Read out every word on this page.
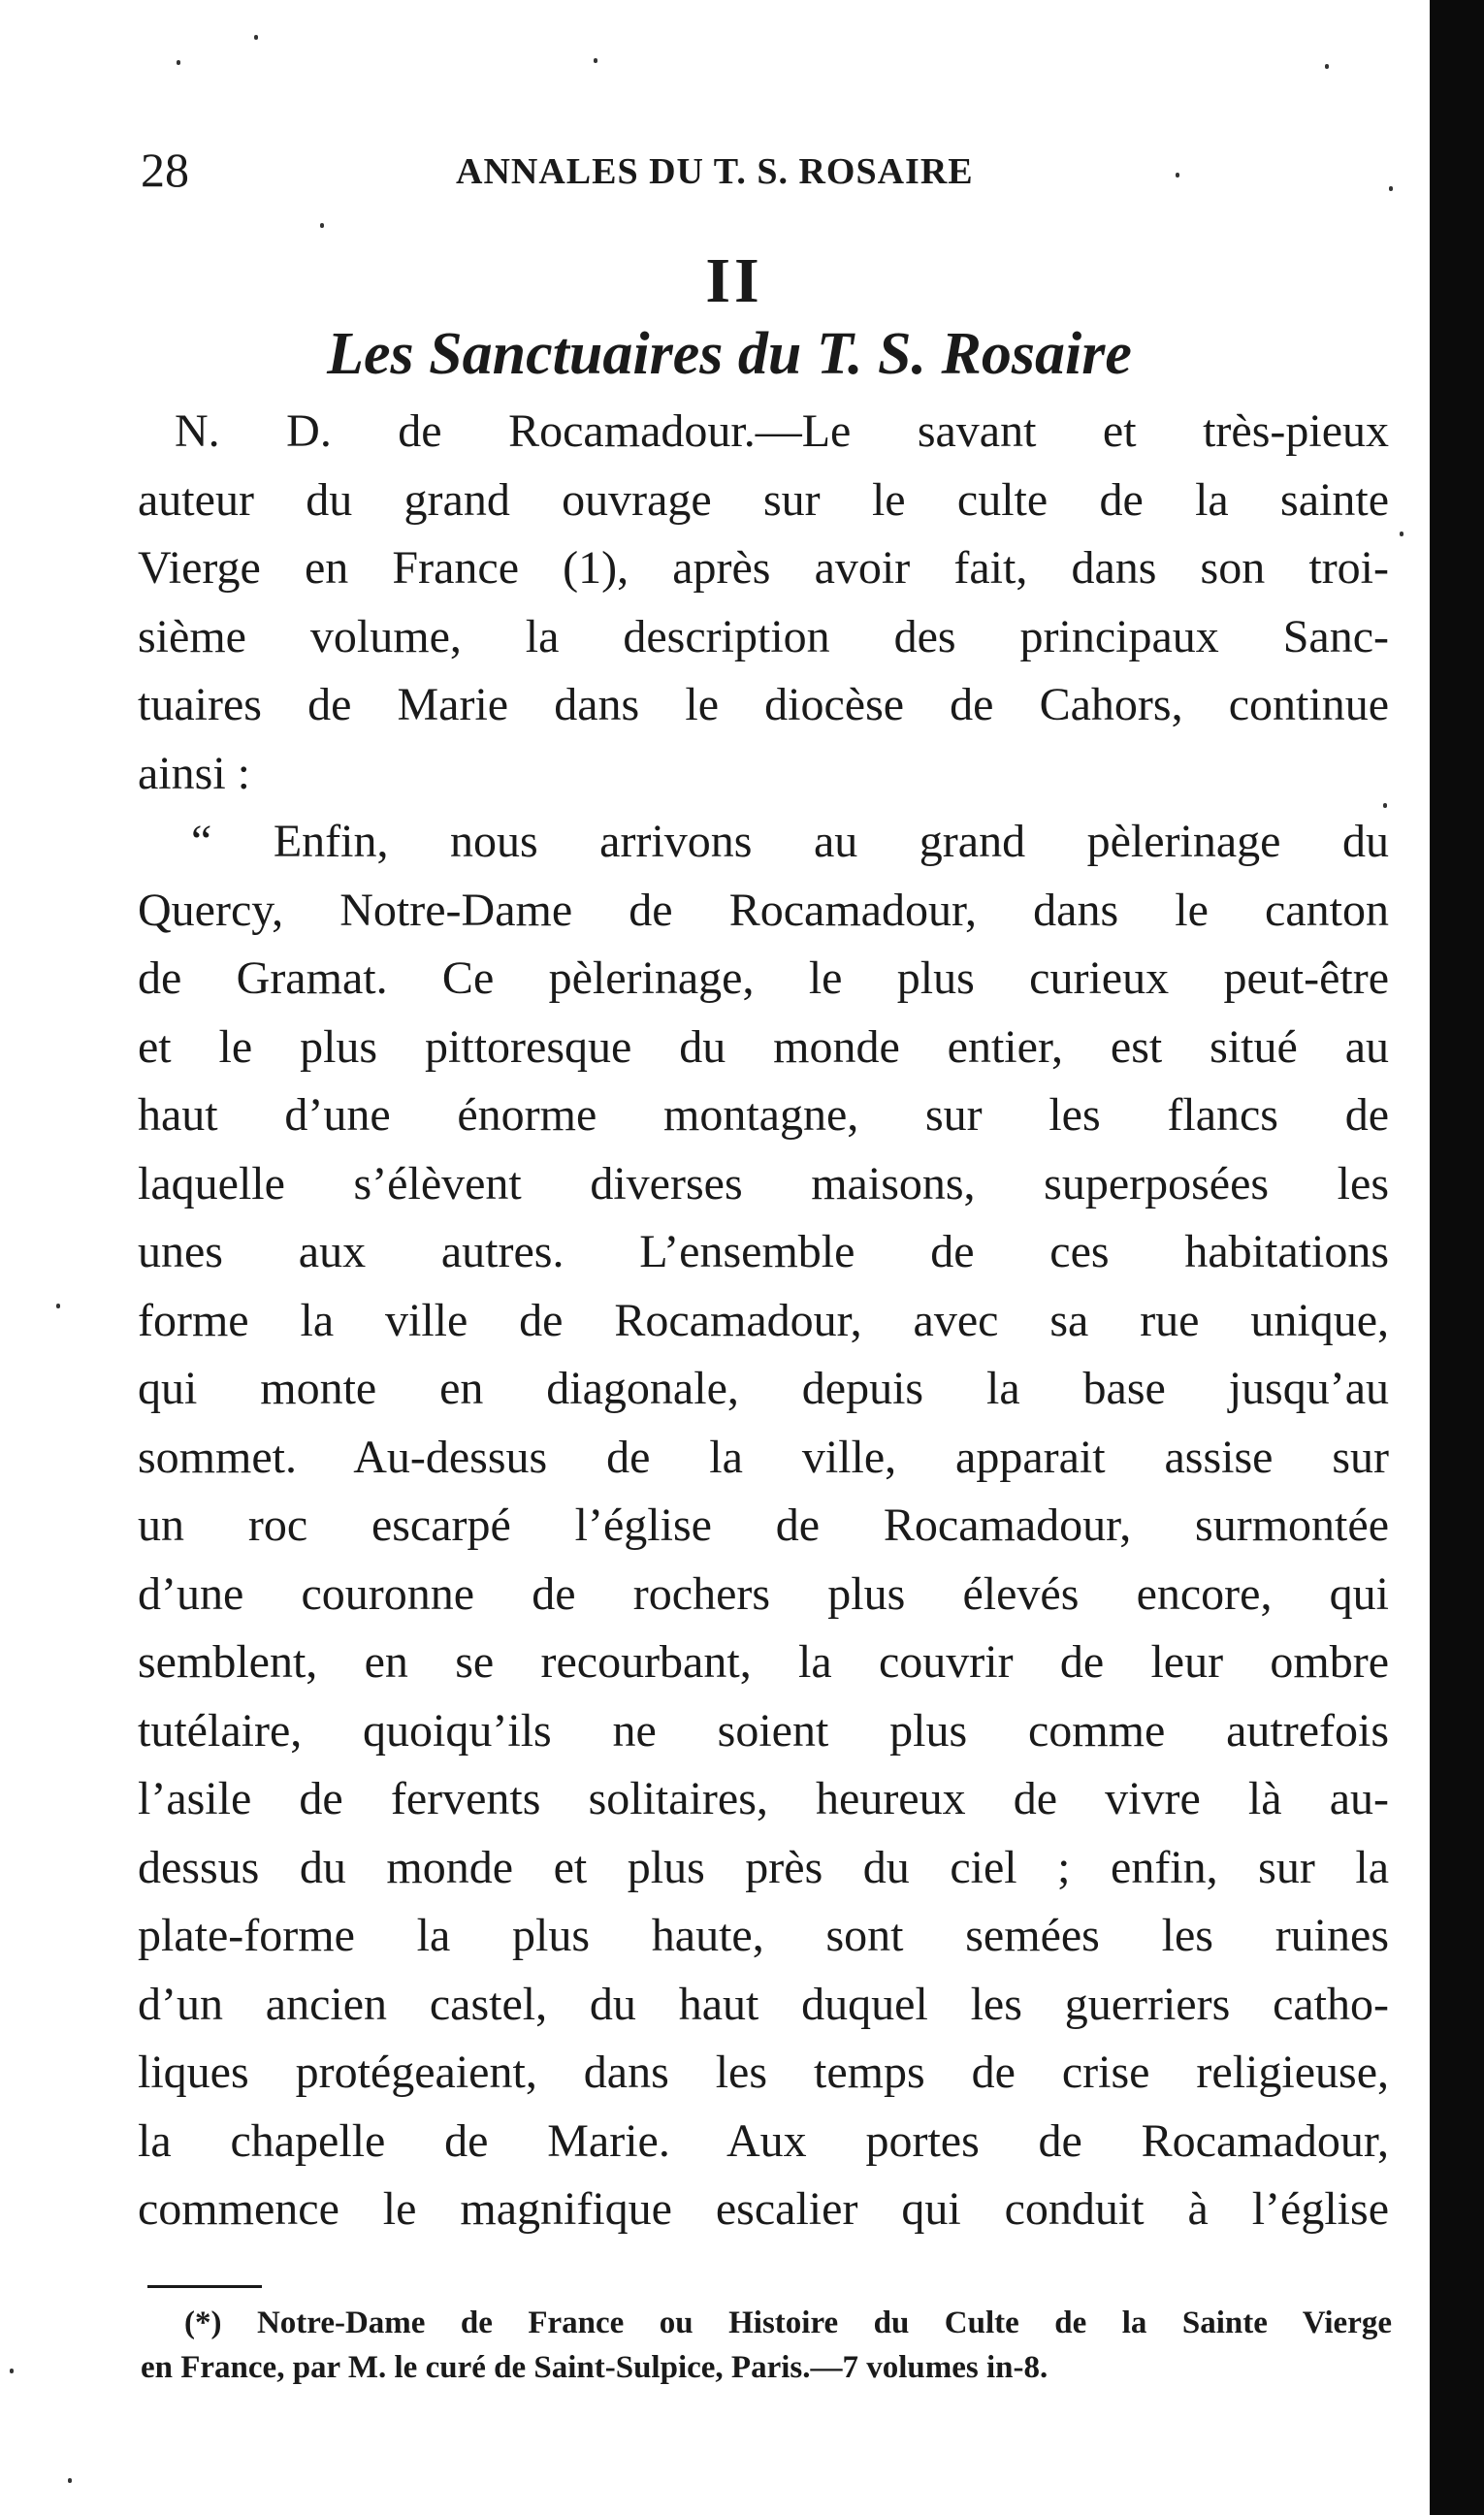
28	ANNALES DU T. S. ROSAIRE
II
Les Sanctuaires du T. S. Rosaire
N. D. de Rocamadour.—Le savant et très-pieux
auteur du grand ouvrage sur le culte de la sainte
Vierge en France (1), après avoir fait, dans son troi-
sième volume, la description des principaux Sanc-
tuaires de Marie dans le diocèse de Cahors, continue
ainsi :
“ Enfin, nous arrivons au grand pèlerinage du
Quercy, Notre-Dame de Rocamadour, dans le canton
de Gramat. Ce pèlerinage, le plus curieux peut-être
et le plus pittoresque du monde entier, est situé au
haut d’une énorme montagne, sur les flancs de
laquelle s’élèvent diverses maisons, superposées les
unes aux autres. L’ensemble de ces habitations
forme la ville de Rocamadour, avec sa rue unique,
qui monte en diagonale, depuis la base jusqu’au
sommet. Au-dessus de la ville, apparait assise sur
un roc escarpé l’église de Rocamadour, surmontée
d’une couronne de rochers plus élevés encore, qui
semblent, en se recourbant, la couvrir de leur ombre
tutélaire, quoiqu’ils ne soient plus comme autrefois
l’asile de fervents solitaires, heureux de vivre là au-
dessus du monde et plus près du ciel ; enfin, sur la
plate-forme la plus haute, sont semées les ruines
d’un ancien castel, du haut duquel les guerriers catho-
liques protégeaient, dans les temps de crise religieuse,
la chapelle de Marie. Aux portes de Rocamadour,
commence le magnifique escalier qui conduit à l’église
(*) Notre-Dame de France ou Histoire du Culte de la Sainte Vierge
en France, par M. le curé de Saint-Sulpice, Paris.—7 volumes in-8.
